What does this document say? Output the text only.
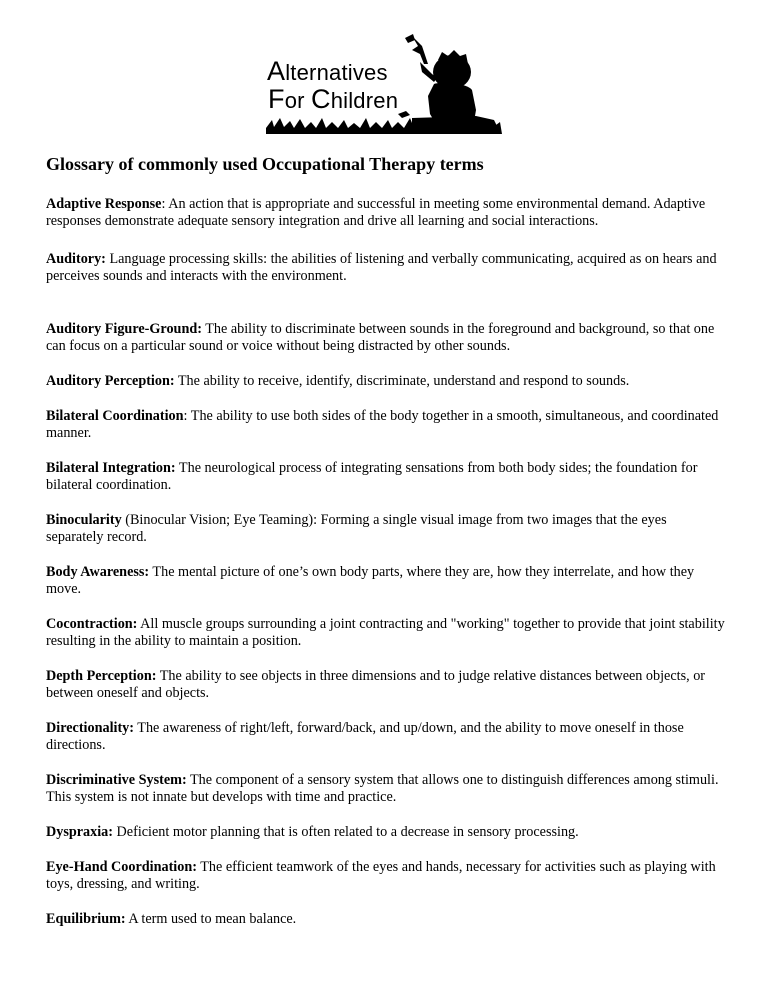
Alternatives
For Children
Glossary of commonly used Occupational Therapy terms

Adaptive Response: An action that is appropriate and successful in meeting some environmental demand. Adaptive responses demonstrate adequate sensory integration and drive all learning and social interactions.

Auditory: Language processing skills: the abilities of listening and verbally communicating, acquired as on hears and perceives sounds and interacts with the environment.

Auditory Figure-Ground: The ability to discriminate between sounds in the foreground and background, so that one can focus on a particular sound or voice without being distracted by other sounds.

Auditory Perception: The ability to receive, identify, discriminate, understand and respond to sounds.

Bilateral Coordination: The ability to use both sides of the body together in a smooth, simultaneous, and coordinated manner.

Bilateral Integration: The neurological process of integrating sensations from both body sides; the foundation for bilateral coordination.

Binocularity (Binocular Vision; Eye Teaming): Forming a single visual image from two images that the eyes separately record.

Body Awareness: The mental picture of one’s own body parts, where they are, how they interrelate, and how they move.

Cocontraction: All muscle groups surrounding a joint contracting and "working" together to provide that joint stability resulting in the ability to maintain a position.

Depth Perception: The ability to see objects in three dimensions and to judge relative distances between objects, or between oneself and objects.

Directionality: The awareness of right/left, forward/back, and up/down, and the ability to move oneself in those directions.

Discriminative System: The component of a sensory system that allows one to distinguish differences among stimuli. This system is not innate but develops with time and practice.

Dyspraxia: Deficient motor planning that is often related to a decrease in sensory processing.

Eye-Hand Coordination: The efficient teamwork of the eyes and hands, necessary for activities such as playing with toys, dressing, and writing.

Equilibrium: A term used to mean balance.
